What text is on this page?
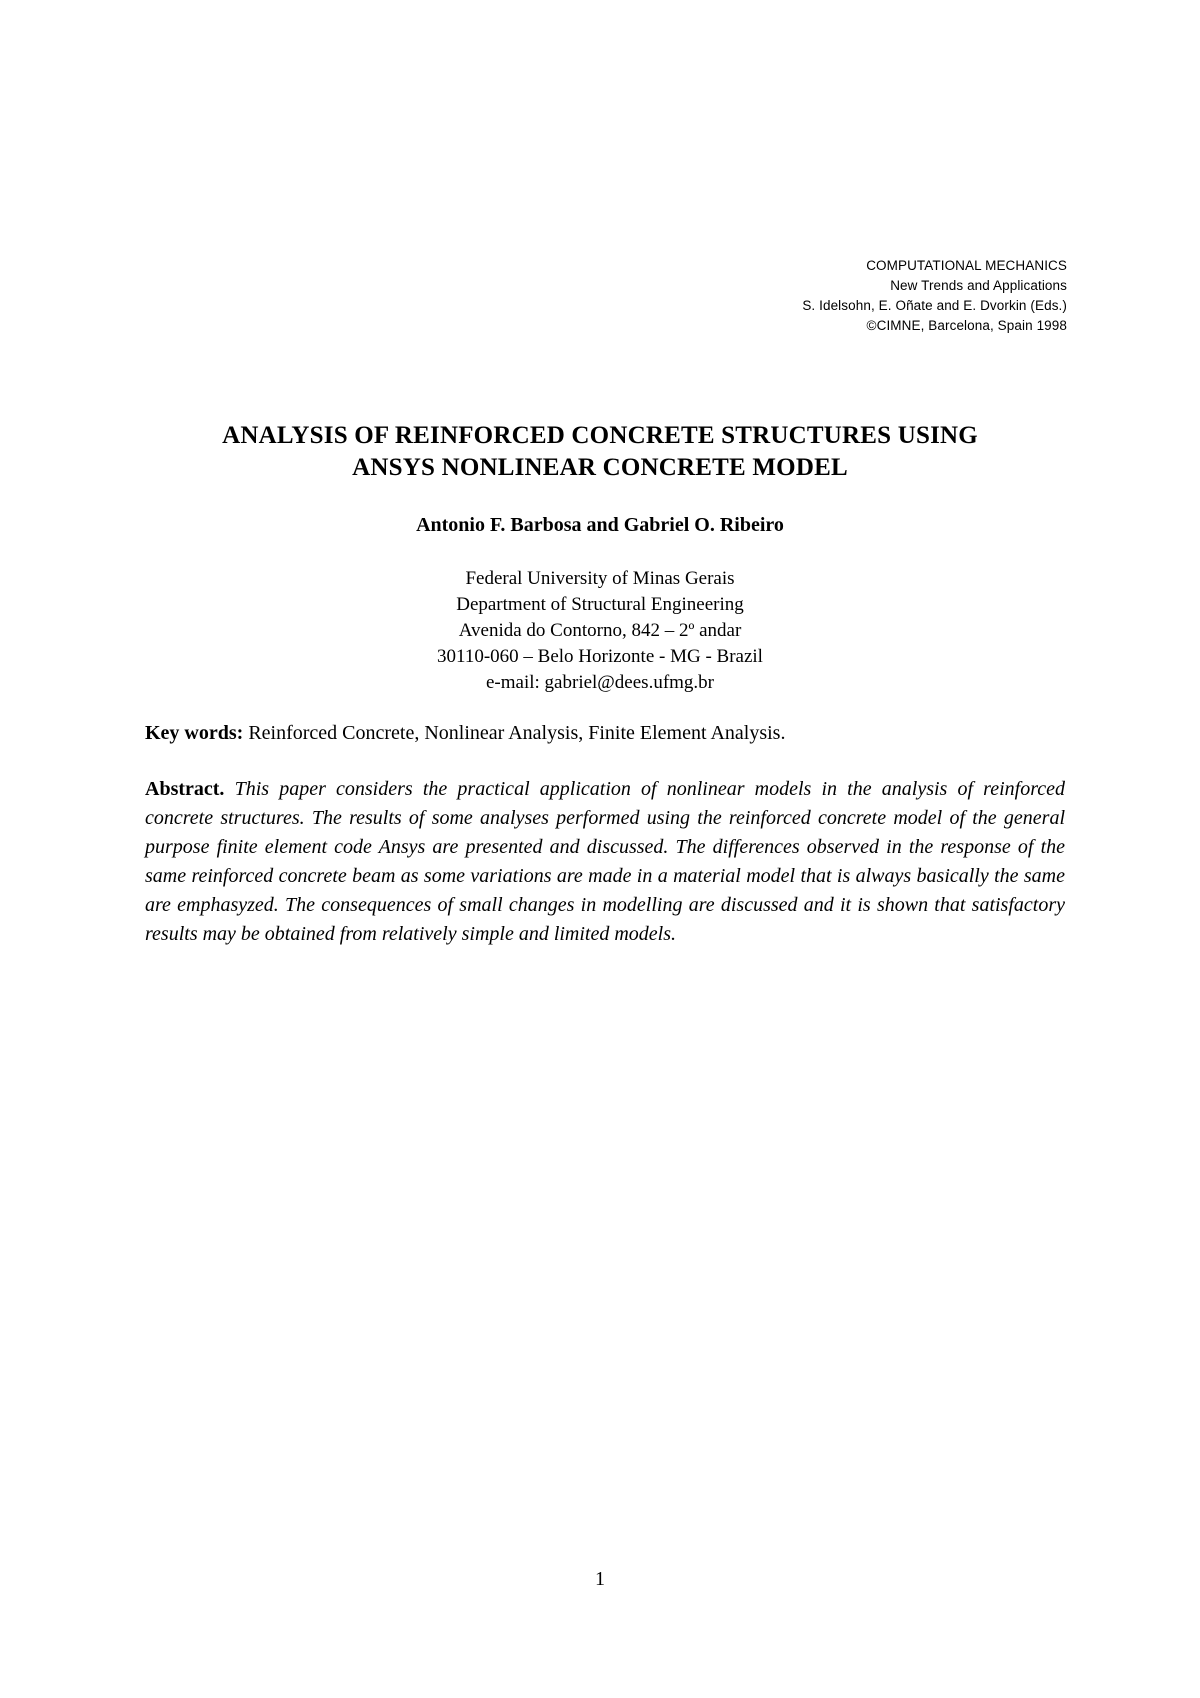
COMPUTATIONAL MECHANICS
New Trends and Applications
S. Idelsohn, E. Oñate and E. Dvorkin (Eds.)
©CIMNE, Barcelona, Spain 1998
ANALYSIS OF REINFORCED CONCRETE STRUCTURES USING
ANSYS NONLINEAR CONCRETE MODEL
Antonio F. Barbosa and Gabriel O. Ribeiro
Federal University of Minas Gerais
Department of Structural Engineering
Avenida do Contorno, 842 – 2º andar
30110-060 – Belo Horizonte - MG - Brazil
e-mail: gabriel@dees.ufmg.br
Key words: Reinforced Concrete, Nonlinear Analysis, Finite Element Analysis.
Abstract. This paper considers the practical application of nonlinear models in the analysis of reinforced concrete structures. The results of some analyses performed using the reinforced concrete model of the general purpose finite element code Ansys are presented and discussed. The differences observed in the response of the same reinforced concrete beam as some variations are made in a material model that is always basically the same are emphasyzed. The consequences of small changes in modelling are discussed and it is shown that satisfactory results may be obtained from relatively simple and limited models.
1
